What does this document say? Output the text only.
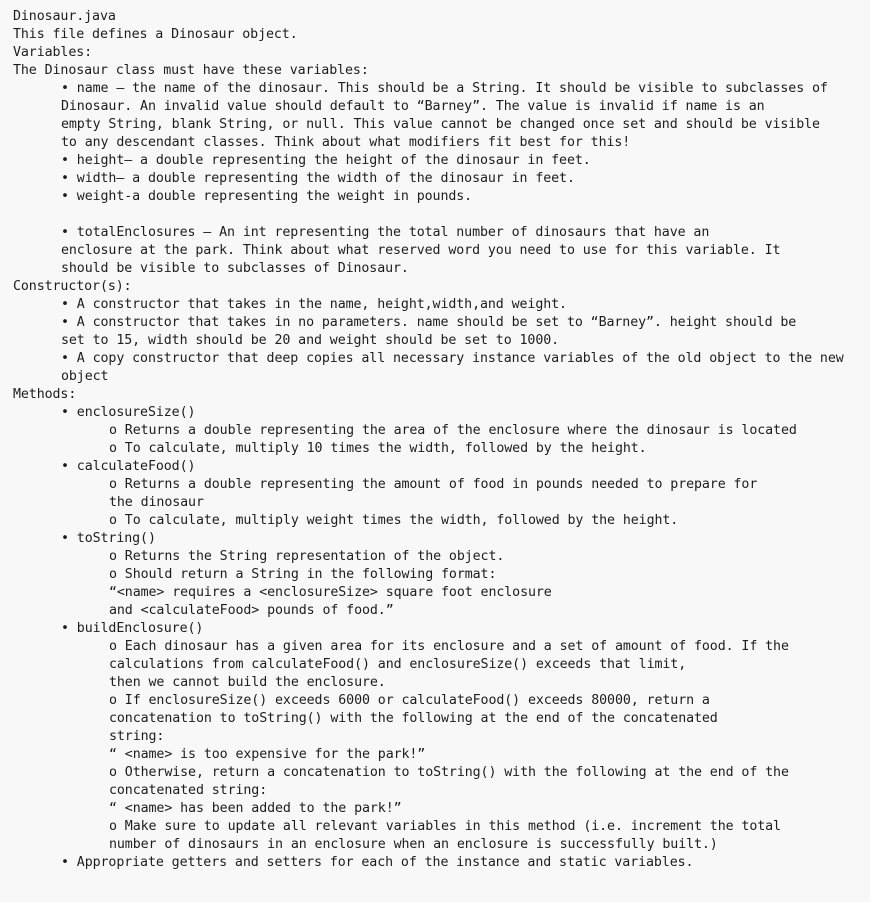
Dinosaur.java
This file defines a Dinosaur object.
Variables:
The Dinosaur class must have these variables:
• name – the name of the dinosaur. This should be a String. It should be visible to subclasses of
Dinosaur. An invalid value should default to “Barney”. The value is invalid if name is an
empty String, blank String, or null. This value cannot be changed once set and should be visible
to any descendant classes. Think about what modifiers fit best for this!
• height– a double representing the height of the dinosaur in feet.
• width– a double representing the width of the dinosaur in feet.
• weight-a double representing the weight in pounds.
• totalEnclosures – An int representing the total number of dinosaurs that have an
enclosure at the park. Think about what reserved word you need to use for this variable. It
should be visible to subclasses of Dinosaur.
Constructor(s):
• A constructor that takes in the name, height,width,and weight.
• A constructor that takes in no parameters. name should be set to “Barney”. height should be
set to 15, width should be 20 and weight should be set to 1000.
• A copy constructor that deep copies all necessary instance variables of the old object to the new
object
Methods:
• enclosureSize()
o Returns a double representing the area of the enclosure where the dinosaur is located
o To calculate, multiply 10 times the width, followed by the height.
• calculateFood()
o Returns a double representing the amount of food in pounds needed to prepare for
the dinosaur
o To calculate, multiply weight times the width, followed by the height.
• toString()
o Returns the String representation of the object.
o Should return a String in the following format:
“<name> requires a <enclosureSize> square foot enclosure
and <calculateFood> pounds of food.”
• buildEnclosure()
o Each dinosaur has a given area for its enclosure and a set of amount of food. If the
calculations from calculateFood() and enclosureSize() exceeds that limit,
then we cannot build the enclosure.
o If enclosureSize() exceeds 6000 or calculateFood() exceeds 80000, return a
concatenation to toString() with the following at the end of the concatenated
string:
“ <name> is too expensive for the park!”
o Otherwise, return a concatenation to toString() with the following at the end of the
concatenated string:
“ <name> has been added to the park!”
o Make sure to update all relevant variables in this method (i.e. increment the total
number of dinosaurs in an enclosure when an enclosure is successfully built.)
• Appropriate getters and setters for each of the instance and static variables.
